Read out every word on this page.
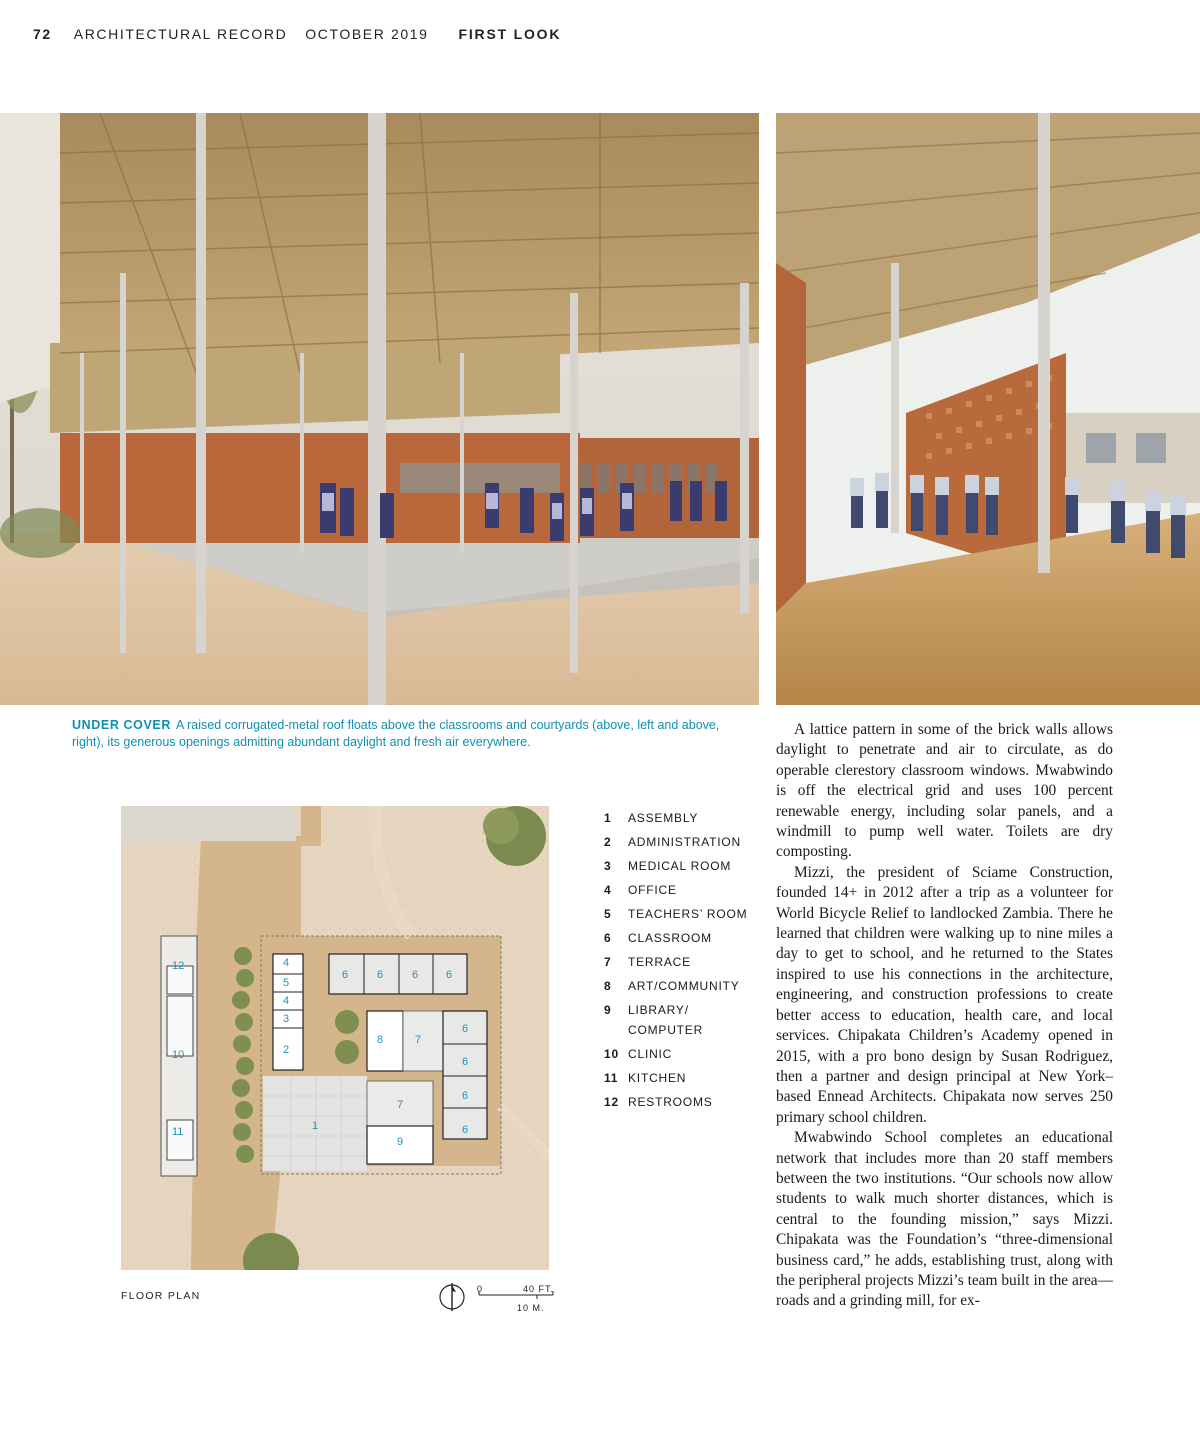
72 ARCHITECTURAL RECORD OCTOBER 2019 FIRST LOOK
UNDER COVER A raised corrugated-metal roof floats above the classrooms and courtyards (above, left and above, right), its generous openings admitting abundant daylight and fresh air everywhere.
12
10
11
4
5
4
3
2
6	6	6	6
8	7
6
6
6
6
7
9
1
FLOOR PLAN
0	40 FT.
10 M.
1	ASSEMBLY
2	ADMINISTRATION
3	MEDICAL ROOM
4	OFFICE
5	TEACHERS’ ROOM
6	CLASSROOM
7	TERRACE
8	ART/COMMUNITY
9	LIBRARY/ COMPUTER
10 CLINIC
11 KITCHEN
12 RESTROOMS

A lattice pattern in some of the brick walls allows daylight to penetrate and air to circulate, as do operable clerestory classroom windows. Mwabwindo is off the electrical grid and uses 100 percent renewable energy, including solar panels, and a windmill to pump well water. Toilets are dry composting.

Mizzi, the president of Sciame Construction, founded 14+ in 2012 after a trip as a volunteer for World Bicycle Relief to landlocked Zambia. There he learned that children were walking up to nine miles a day to get to school, and he returned to the States inspired to use his connections in the architecture, engineering, and construction professions to create better access to education, health care, and local services. Chipakata Children’s Academy opened in 2015, with a pro bono design by Susan Rodriguez, then a partner and design principal at New York–based Ennead Architects. Chipakata now serves 250 primary school children.

Mwabwindo School completes an educational network that includes more than 20 staff members between the two institutions. “Our schools now allow students to walk much shorter distances, which is central to the founding mission,” says Mizzi. Chipakata was the Foundation’s “three-dimensional business card,” he adds, establishing trust, along with the peripheral projects Mizzi’s team built in the area—roads and a grinding mill, for ex-
